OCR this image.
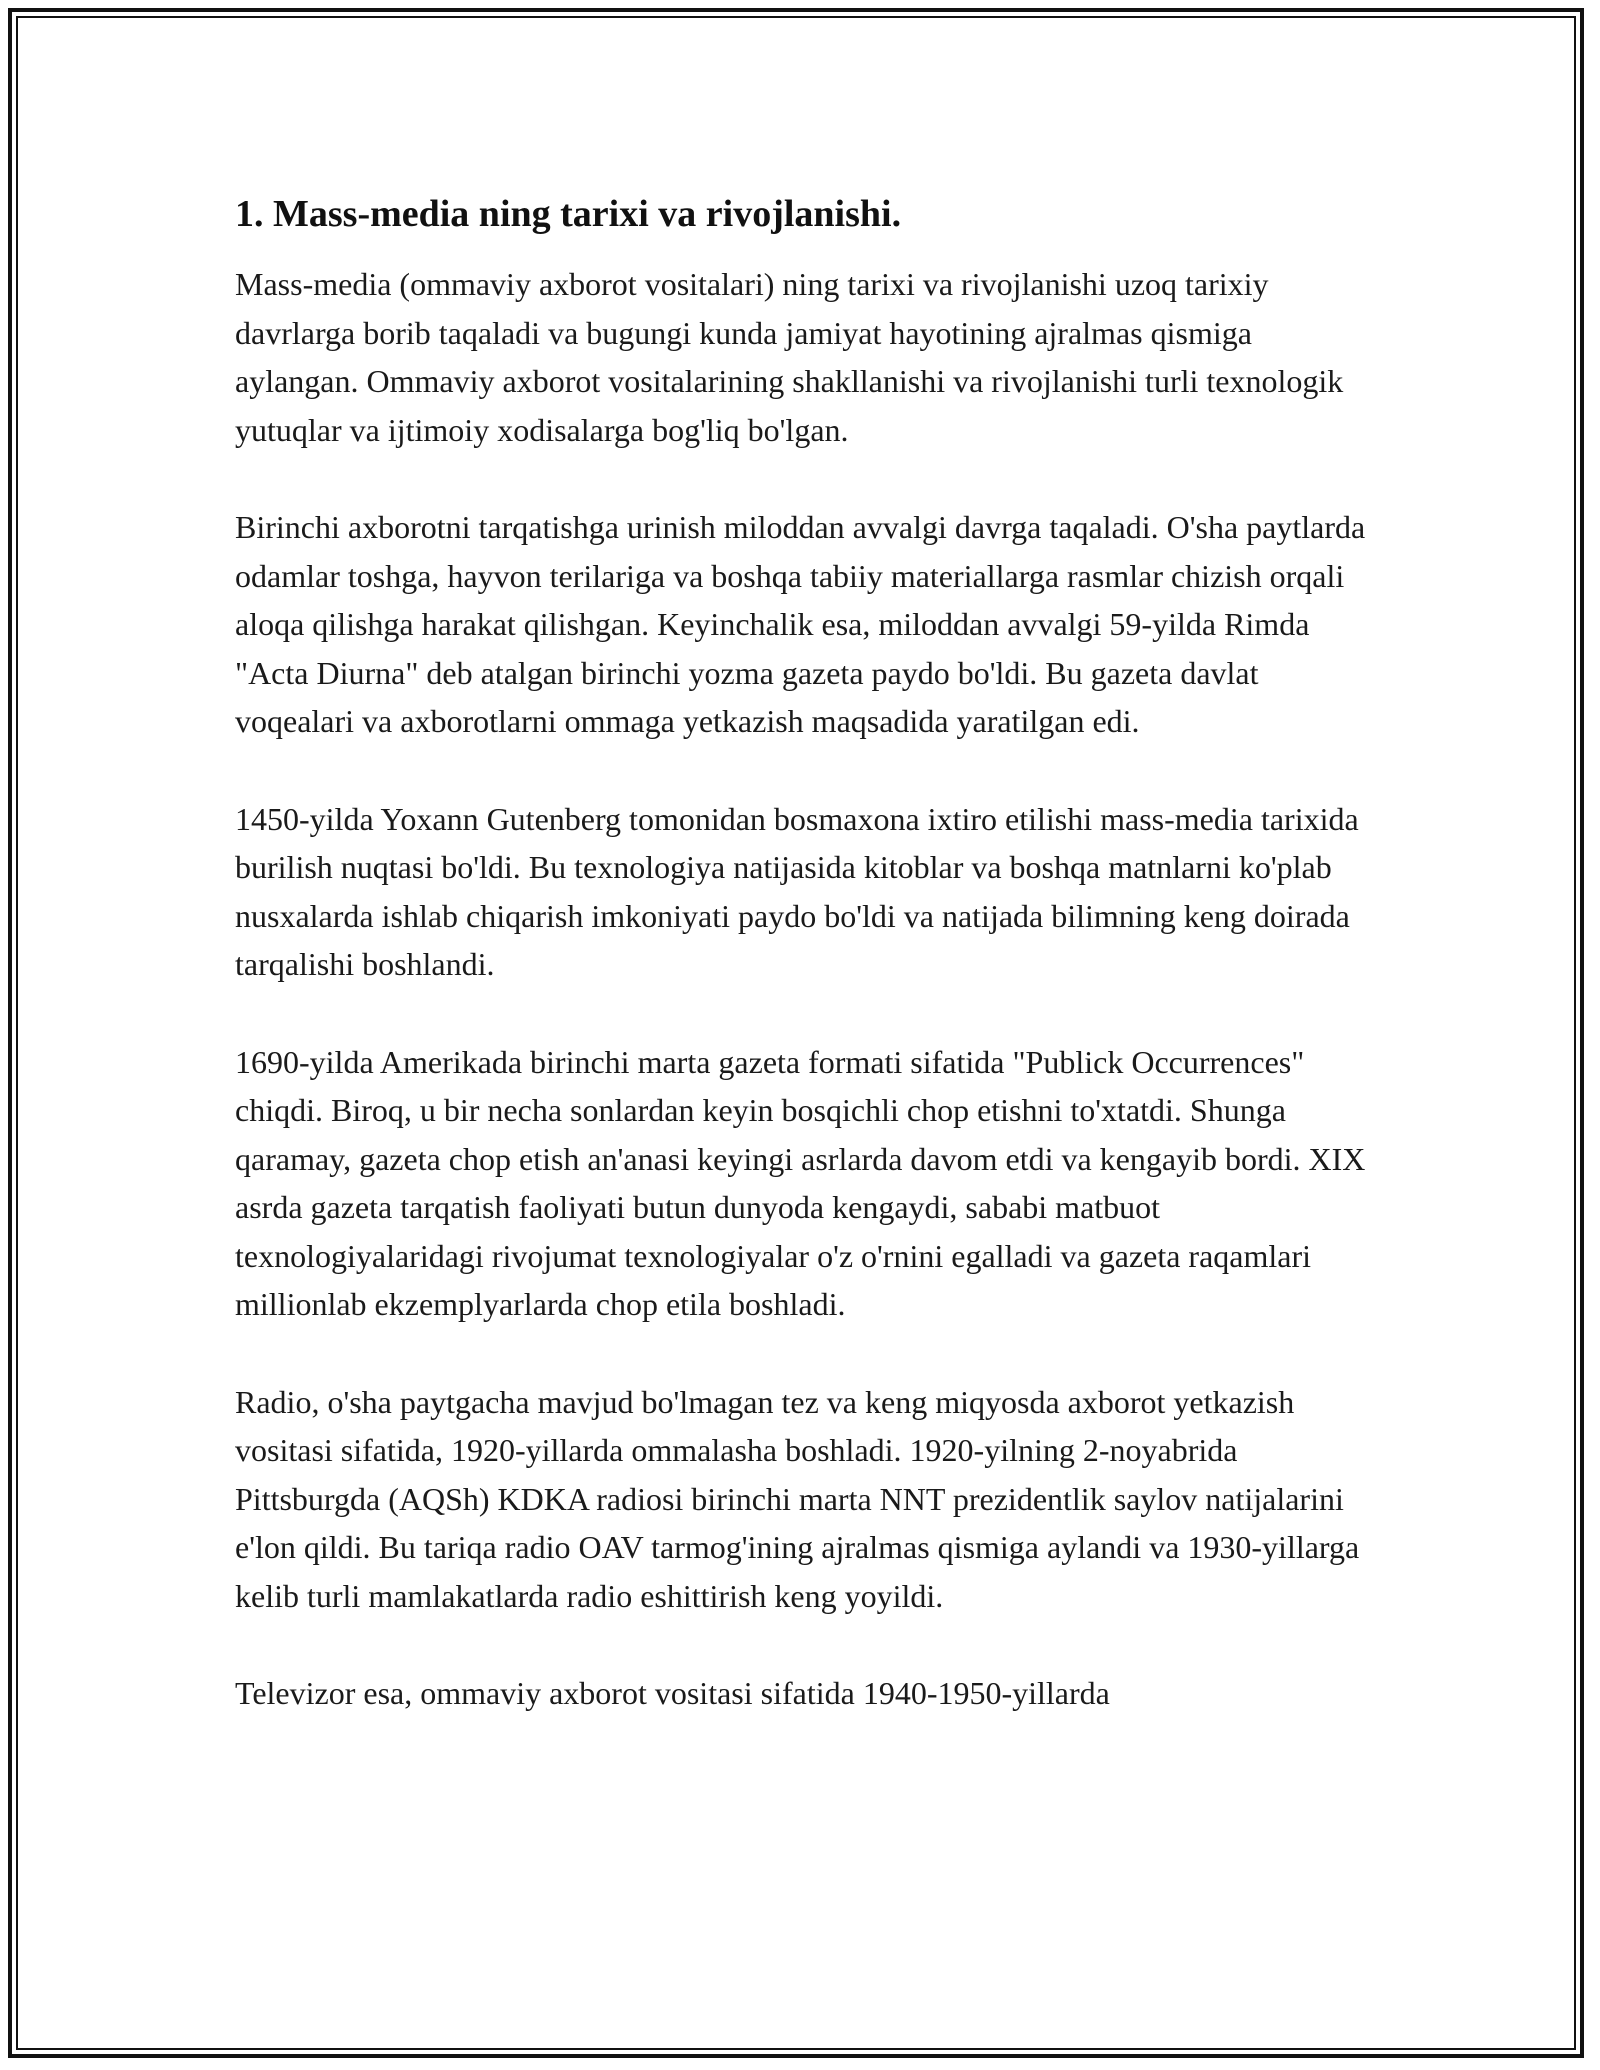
1. Mass-media ning tarixi va rivojlanishi.

Mass-media (ommaviy axborot vositalari) ning tarixi va rivojlanishi uzoq tarixiy davrlarga borib taqaladi va bugungi kunda jamiyat hayotining ajralmas qismiga aylangan. Ommaviy axborot vositalarining shakllanishi va rivojlanishi turli texnologik yutuqlar va ijtimoiy xodisalarga bog'liq bo'lgan.

Birinchi axborotni tarqatishga urinish miloddan avvalgi davrga taqaladi. O'sha paytlarda odamlar toshga, hayvon terilariga va boshqa tabiiy materiallarga rasmlar chizish orqali aloqa qilishga harakat qilishgan. Keyinchalik esa, miloddan avvalgi 59-yilda Rimda "Acta Diurna" deb atalgan birinchi yozma gazeta paydo bo'ldi. Bu gazeta davlat voqealari va axborotlarni ommaga yetkazish maqsadida yaratilgan edi.

1450-yilda Yoxann Gutenberg tomonidan bosmaxona ixtiro etilishi mass-media tarixida burilish nuqtasi bo'ldi. Bu texnologiya natijasida kitoblar va boshqa matnlarni ko'plab nusxalarda ishlab chiqarish imkoniyati paydo bo'ldi va natijada bilimning keng doirada tarqalishi boshlandi.

1690-yilda Amerikada birinchi marta gazeta formati sifatida "Publick Occurrences" chiqdi. Biroq, u bir necha sonlardan keyin bosqichli chop etishni to'xtatdi. Shunga qaramay, gazeta chop etish an'anasi keyingi asrlarda davom etdi va kengayib bordi. XIX asrda gazeta tarqatish faoliyati butun dunyoda kengaydi, sababi matbuot texnologiyalaridagi rivojumat texnologiyalar o'z o'rnini egalladi va gazeta raqamlari millionlab ekzemplyarlarda chop etila boshladi.

Radio, o'sha paytgacha mavjud bo'lmagan tez va keng miqyosda axborot yetkazish vositasi sifatida, 1920-yillarda ommalasha boshladi. 1920-yilning 2-noyabrida Pittsburgda (AQSh) KDKA radiosi birinchi marta NNT prezidentlik saylov natijalarini e'lon qildi. Bu tariqa radio OAV tarmog'ining ajralmas qismiga aylandi va 1930-yillarga kelib turli mamlakatlarda radio eshittirish keng yoyildi.

Televizor esa, ommaviy axborot vositasi sifatida 1940-1950-yillarda
